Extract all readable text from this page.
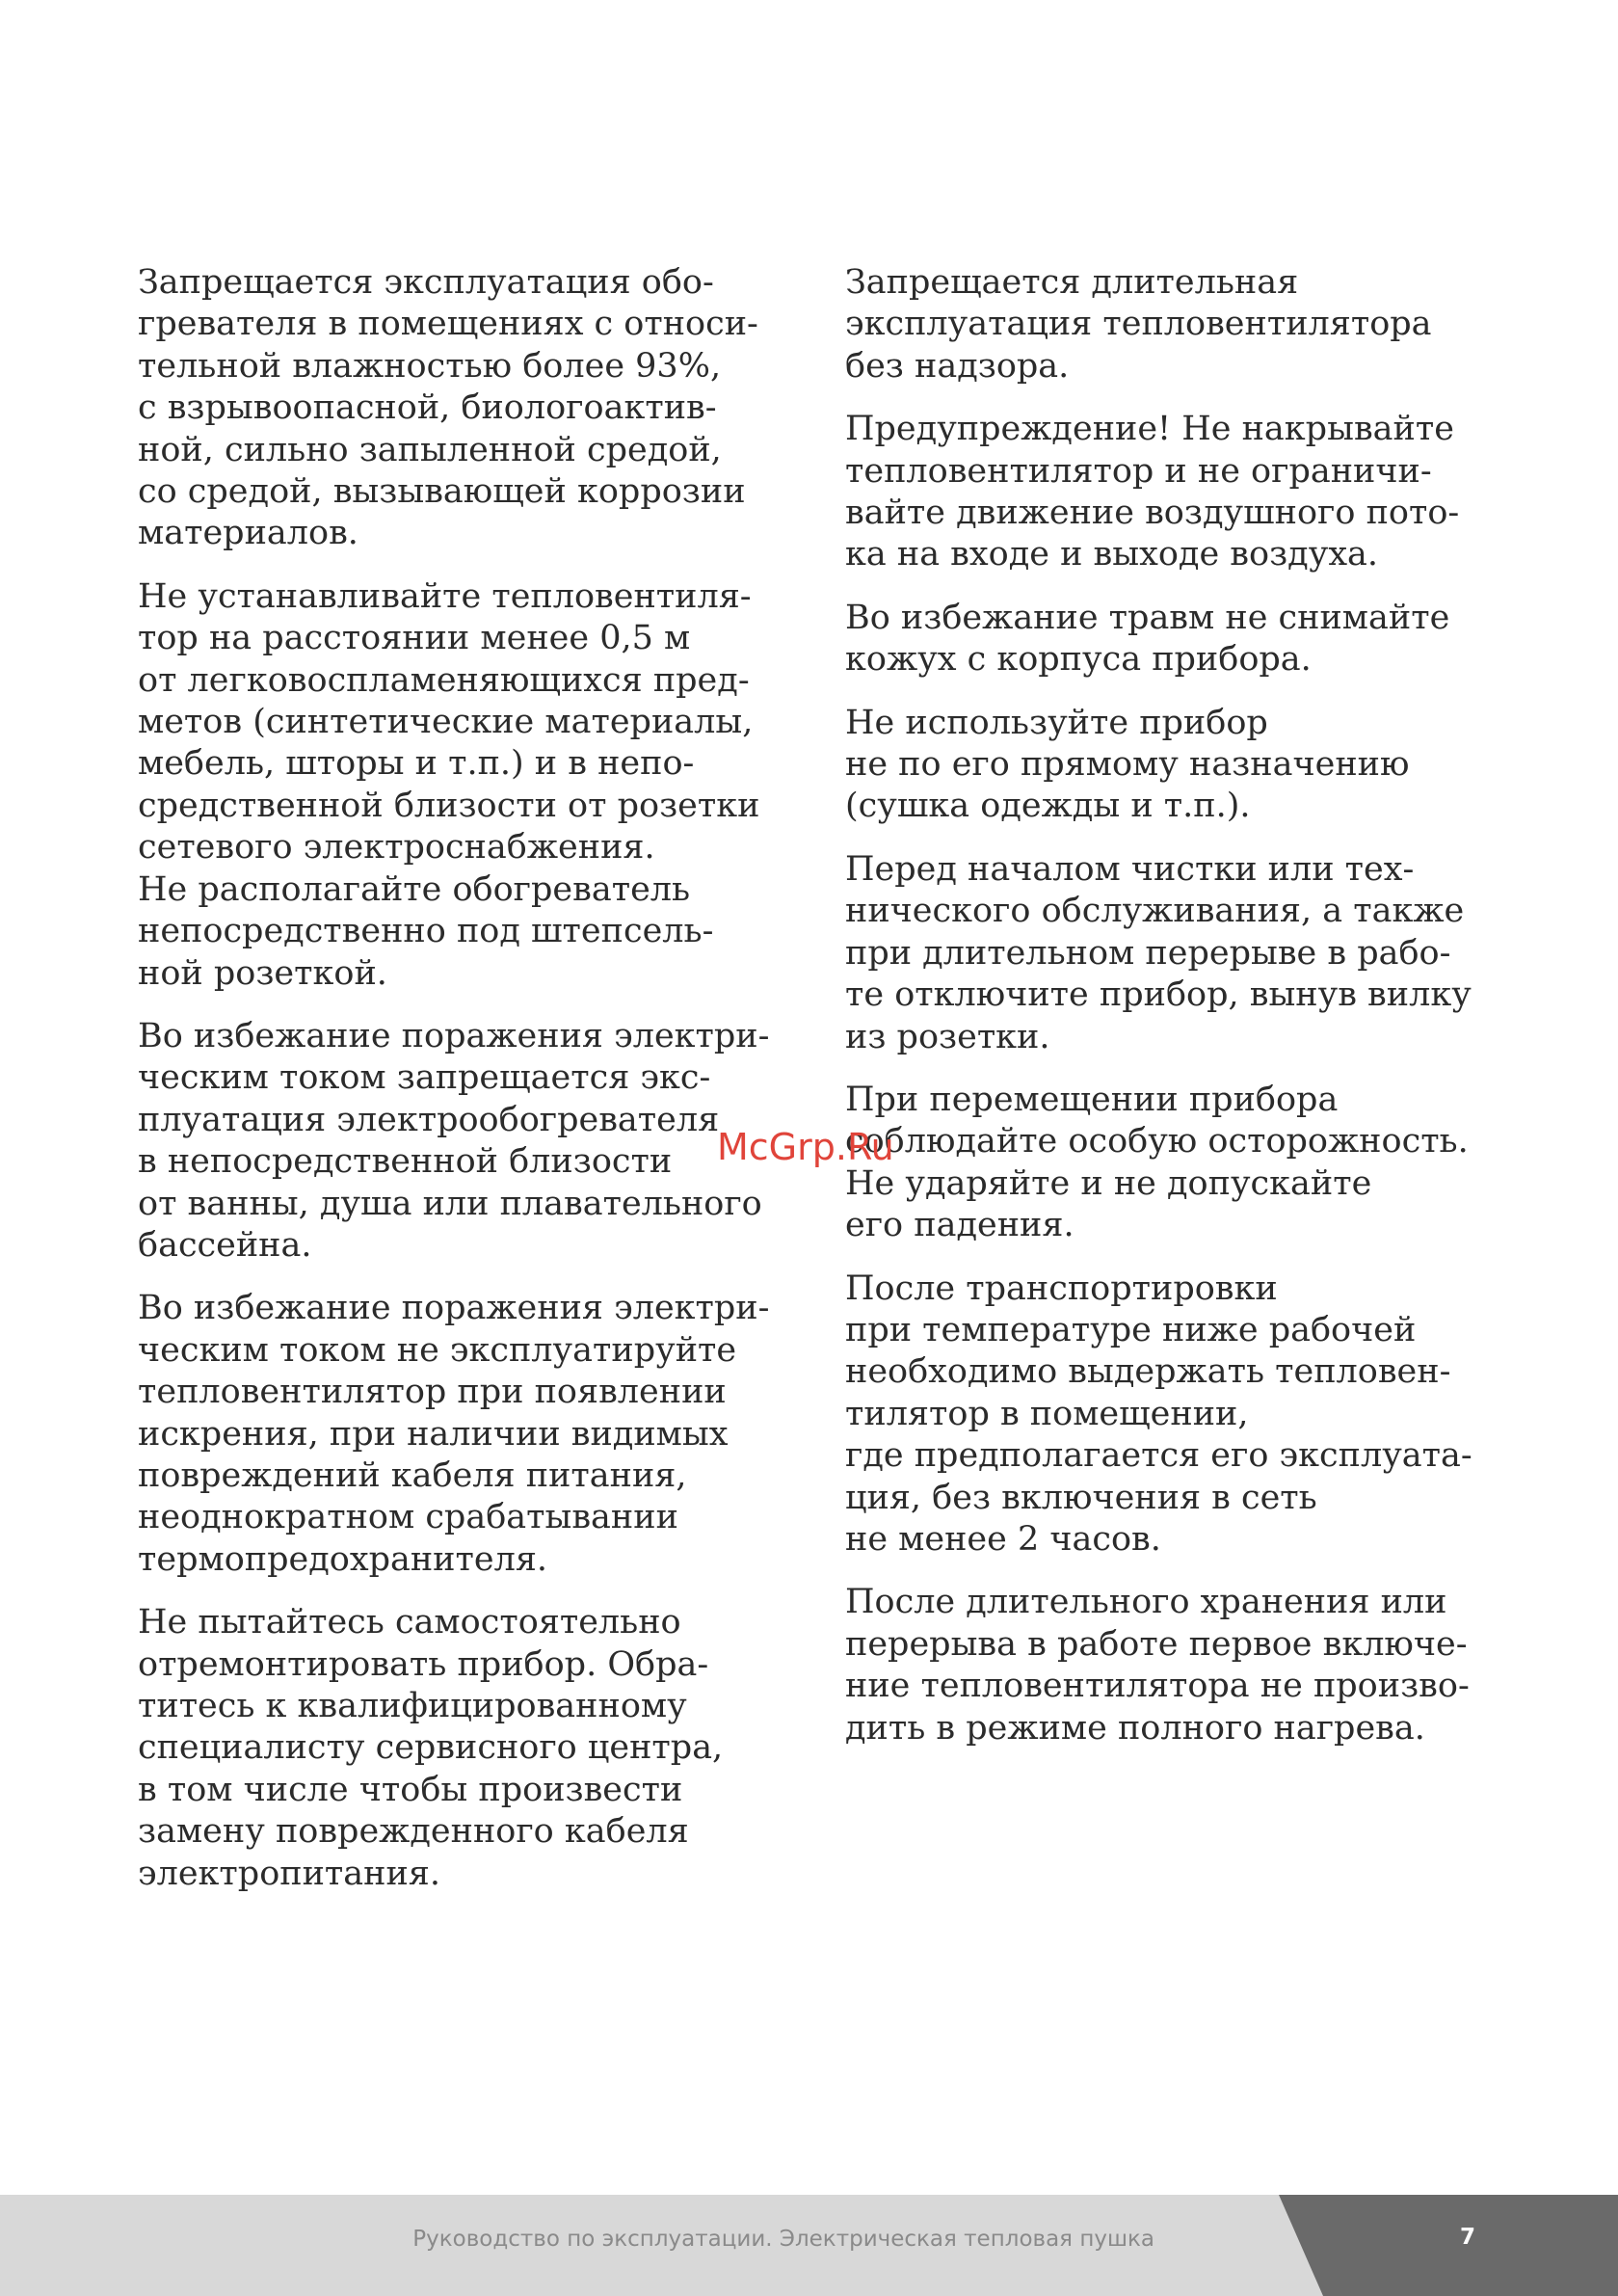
Запрещается эксплуатация обо-
гревателя в помещениях с относи-
тельной влажностью более 93%,
с взрывоопасной, биологоактив-
ной, сильно запыленной средой,
со средой, вызывающей коррозии
материалов.

Не устанавливайте тепловентиля-
тор на расстоянии менее 0,5 м
от легковоспламеняющихся пред-
метов (синтетические материалы,
мебель, шторы и т.п.) и в непо-
средственной близости от розетки
сетевого электроснабжения.
Не располагайте обогреватель
непосредственно под штепсель-
ной розеткой.

Во избежание поражения электри-
ческим током запрещается экс-
плуатация электрообогревателя
в непосредственной близости
от ванны, душа или плавательного
бассейна.

Во избежание поражения электри-
ческим током не эксплуатируйте
тепловентилятор при появлении
искрения, при наличии видимых
повреждений кабеля питания,
неоднократном срабатывании
термопредохранителя.

Не пытайтесь самостоятельно
отремонтировать прибор. Обра-
титесь к квалифицированному
специалисту сервисного центра,
в том числе чтобы произвести
замену поврежденного кабеля
электропитания.

Запрещается длительная
эксплуатация тепловентилятора
без надзора.

Предупреждение! Не накрывайте
тепловентилятор и не ограничи-
вайте движение воздушного пото-
ка на входе и выходе воздуха.

Во избежание травм не снимайте
кожух с корпуса прибора.

Не используйте прибор
не по его прямому назначению
(сушка одежды и т.п.).

Перед началом чистки или тех-
нического обслуживания, а также
при длительном перерыве в рабо-
те отключите прибор, вынув вилку
из розетки.

При перемещении прибора
соблюдайте особую осторожность.
Не ударяйте и не допускайте
его падения.

После транспортировки
при температуре ниже рабочей
необходимо выдержать тепловен-
тилятор в помещении,
где предполагается его эксплуата-
ция, без включения в сеть
не менее 2 часов.

После длительного хранения или
перерыва в работе первое включе-
ние тепловентилятора не произво-
дить в режиме полного нагрева.

McGrp.Ru
Руководство по эксплуатации. Электрическая тепловая пушка	7
